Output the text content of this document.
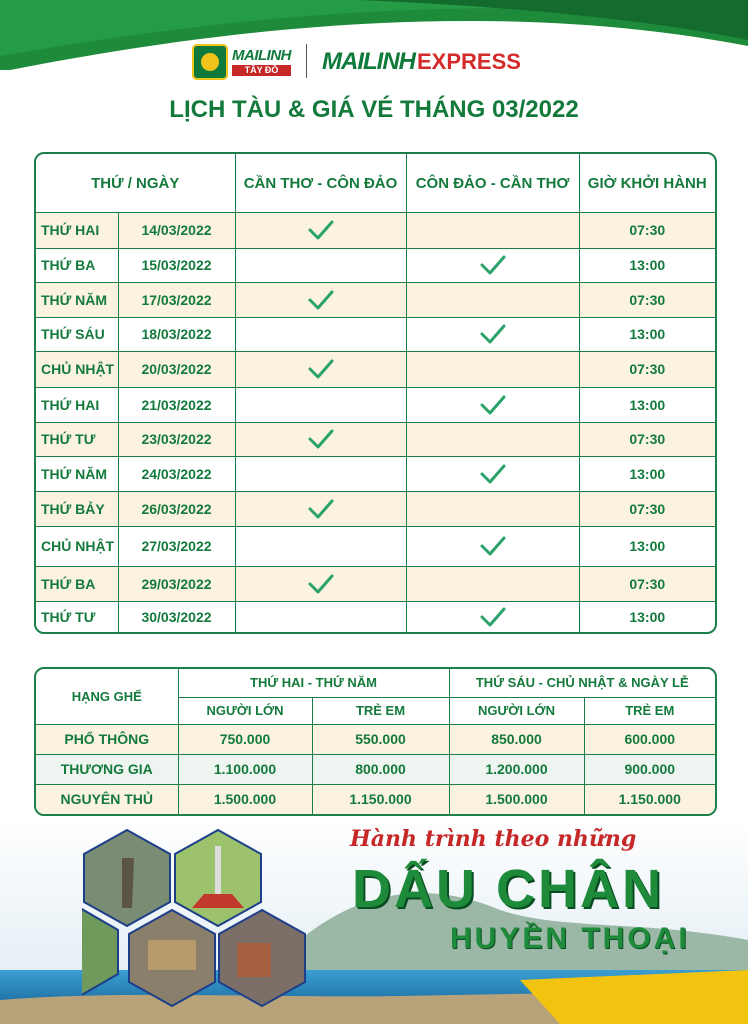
MAILINH
TÂY ĐÔ	MAILINH EXPRESS
LỊCH TÀU & GIÁ VÉ THÁNG 03/2022
THỨ / NGÀY		CẦN THƠ - CÔN ĐẢO	CÔN ĐẢO - CẦN THƠ	GIỜ KHỞI HÀNH
THỨ HAI	14/03/2022			07:30
THỨ BA	15/03/2022			13:00
THỨ NĂM	17/03/2022			07:30
THỨ SÁU	18/03/2022			13:00
CHỦ NHẬT	20/03/2022			07:30
THỨ HAI	21/03/2022			13:00
THỨ TƯ	23/03/2022			07:30
THỨ NĂM	24/03/2022			13:00
THỨ BẢY	26/03/2022			07:30
CHỦ NHẬT	27/03/2022			13:00
THỨ BA	29/03/2022			07:30
THỨ TƯ	30/03/2022			13:00
HẠNG GHẾ	THỨ HAI - THỨ NĂM		THỨ SÁU - CHỦ NHẬT & NGÀY LỄ	
	NGƯỜI LỚN	TRẺ EM	NGƯỜI LỚN	TRẺ EM
PHỔ THÔNG	750.000	550.000	850.000	600.000
THƯƠNG GIA	1.100.000	800.000	1.200.000	900.000
NGUYÊN THỦ	1.500.000	1.150.000	1.500.000	1.150.000
Hành trình theo những
DẤU CHÂN
HUYỀN THOẠI
